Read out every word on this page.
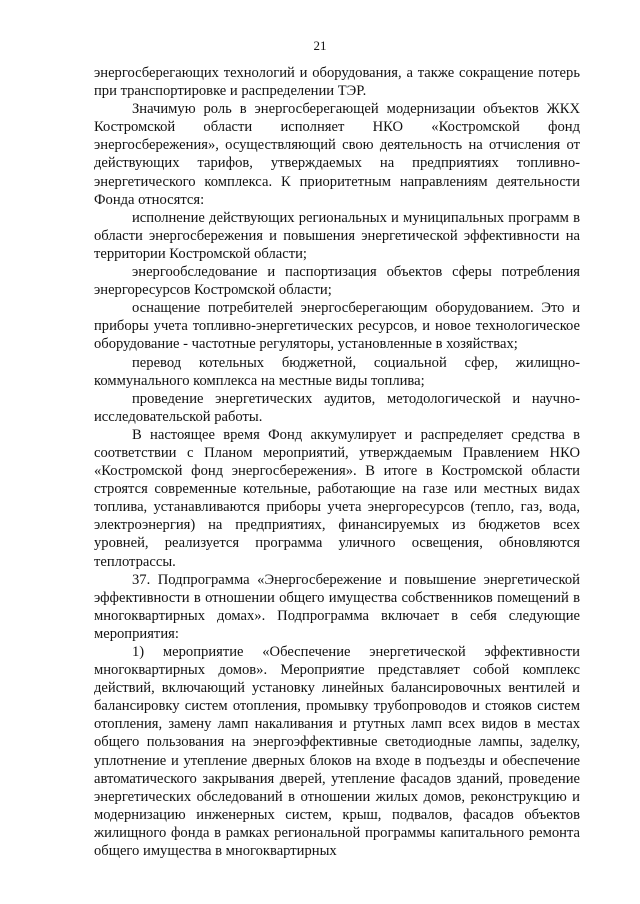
21

энергосберегающих технологий и оборудования, а также сокращение потерь при транспортировке и распределении ТЭР.

Значимую роль в энергосберегающей модернизации объектов ЖКХ Костромской области исполняет НКО «Костромской фонд энергосбережения», осуществляющий свою деятельность на отчисления от действующих тарифов, утверждаемых на предприятиях топливно-энергетического комплекса. К приоритетным направлениям деятельности Фонда относятся:

исполнение действующих региональных и муниципальных программ в области энергосбережения и повышения энергетической эффективности на территории Костромской области;

энергообследование и паспортизация объектов сферы потребления энергоресурсов Костромской области;

оснащение потребителей энергосберегающим оборудованием. Это и приборы учета топливно-энергетических ресурсов, и новое технологическое оборудование - частотные регуляторы, установленные в хозяйствах;

перевод котельных бюджетной, социальной сфер, жилищно-коммунального комплекса на местные виды топлива;

проведение энергетических аудитов, методологической и научно-исследовательской работы.

В настоящее время Фонд аккумулирует и распределяет средства в соответствии с Планом мероприятий, утверждаемым Правлением НКО «Костромской фонд энергосбережения». В итоге в Костромской области строятся современные котельные, работающие на газе или местных видах топлива, устанавливаются приборы учета энергоресурсов (тепло, газ, вода, электроэнергия) на предприятиях, финансируемых из бюджетов всех уровней, реализуется программа уличного освещения, обновляются теплотрассы.

37. Подпрограмма «Энергосбережение и повышение энергетической эффективности в отношении общего имущества собственников помещений в многоквартирных домах». Подпрограмма включает в себя следующие мероприятия:

1) мероприятие «Обеспечение энергетической эффективности многоквартирных домов». Мероприятие представляет собой комплекс действий, включающий установку линейных балансировочных вентилей и балансировку систем отопления, промывку трубопроводов и стояков систем отопления, замену ламп накаливания и ртутных ламп всех видов в местах общего пользования на энергоэффективные светодиодные лампы, заделку, уплотнение и утепление дверных блоков на входе в подъезды и обеспечение автоматического закрывания дверей, утепление фасадов зданий, проведение энергетических обследований в отношении жилых домов, реконструкцию и модернизацию инженерных систем, крыш, подвалов, фасадов объектов жилищного фонда в рамках региональной программы капитального ремонта общего имущества в многоквартирных
